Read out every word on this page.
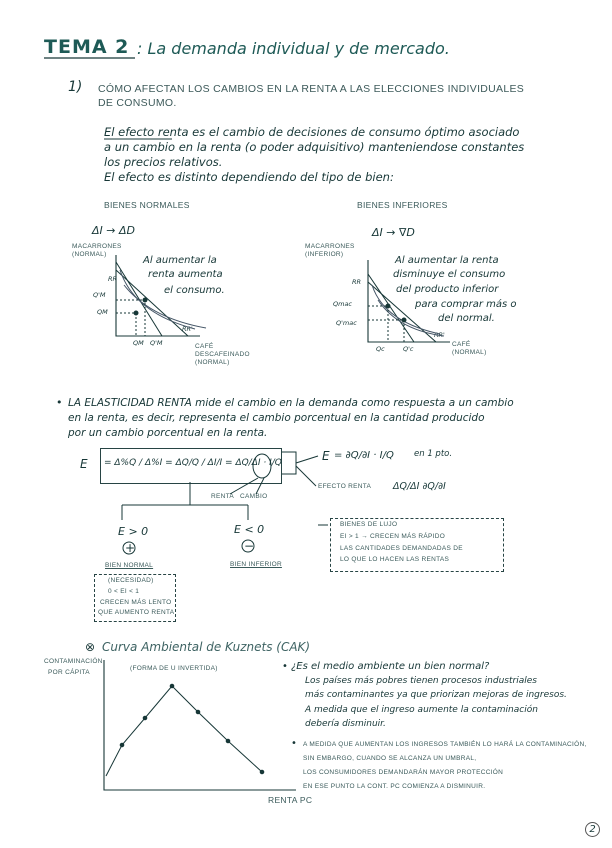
TEMA 2 : La demanda individual y de mercado.
1) CÓMO AFECTAN LOS CAMBIOS EN LA RENTA A LAS ELECCIONES INDIVIDUALES
DE CONSUMO.
El efecto renta es el cambio de decisiones de consumo óptimo asociado
a un cambio en la renta (o poder adquisitivo) manteniendose constantes
los precios relativos.
El efecto es distinto dependiendo del tipo de bien:
BIENES NORMALES
ΔI → ΔD
MACARRONES (NORMAL)
CAFÉ DESCAFEINADO (NORMAL)
Al aumentar la
renta aumenta
el consumo.
Q'M
QM
QM Q'M
RR
RR'
BIENES INFERIORES
ΔI → ∇D
MACARRONES (INFERIOR)
CAFÉ (NORMAL)
Al aumentar la renta
disminuye el consumo
del producto inferior
para comprar más o
del normal.
Qmac
Q'mac
Qc	Q'c
RR
RR'
• LA ELASTICIDAD RENTA mide el cambio en la demanda como respuesta a un cambio
en la renta, es decir, representa el cambio porcentual en la cantidad producido
por un cambio porcentual en la renta.
E = Δ%Q / Δ%I = ΔQ/Q / ΔI/I = ΔQ/ΔI · I/Q	E = ∂Q/∂I · I/Q en 1 pto.
RENTA CAMBIO
EFECTO RENTA ΔQ/ΔI ∂Q/∂I
E > 0	E < 0
+	−
BIEN NORMAL	BIEN INFERIOR
(NECESIDAD)
0 < EI < 1
CRECEN MÁS LENTO
QUE AUMENTO RENTA
BIENES DE LUJO
EI > 1 → CRECEN MÁS RÁPIDO
LAS CANTIDADES DEMANDADAS DE
LO QUE LO HACEN LAS RENTAS
⊗ Curva Ambiental de Kuznets (CAK)
CONTAMINACIÓN
POR CÁPITA
RENTA PC
(FORMA DE U INVERTIDA)	• ¿Es el medio ambiente un bien normal?
Los países más pobres tienen procesos industriales
más contaminantes ya que priorizan mejoras de ingresos.
A medida que el ingreso aumente la contaminación
debería disminuir.
• A MEDIDA QUE AUMENTAN LOS INGRESOS TAMBIÉN LO HARÁ LA CONTAMINACIÓN,
SIN EMBARGO, CUANDO SE ALCANZA UN UMBRAL,
LOS CONSUMIDORES DEMANDARÁN MAYOR PROTECCIÓN
EN ESE PUNTO LA CONT. PC COMIENZA A DISMINUIR.
2
